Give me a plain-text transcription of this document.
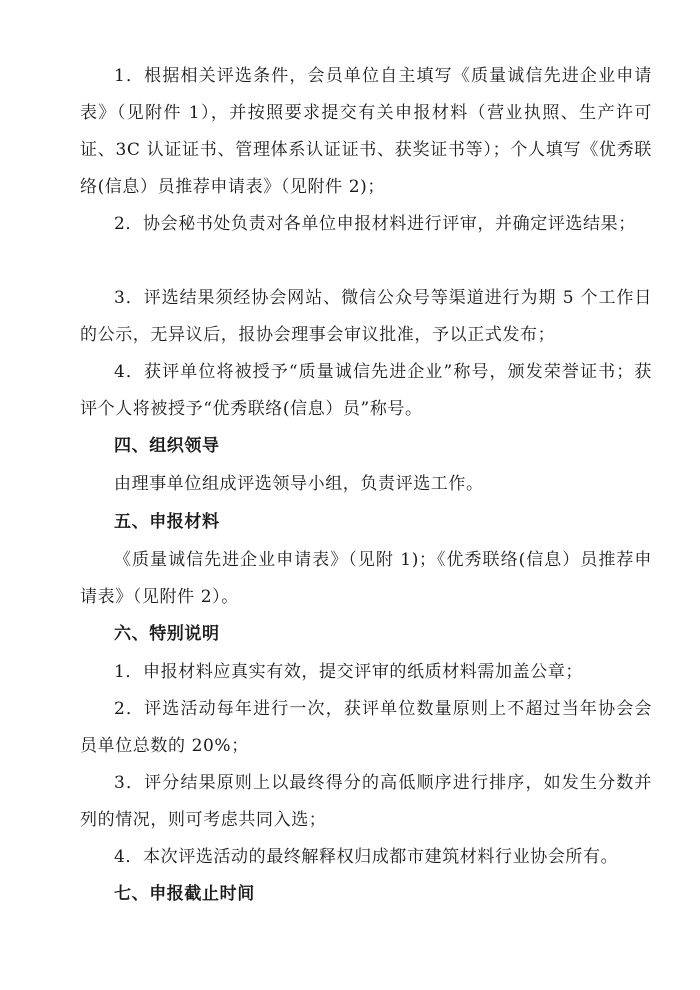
1．根据相关评选条件，会员单位自主填写《质量诚信先进企业申请表》（见附件 1），并按照要求提交有关申报材料（营业执照、生产许可证、3C 认证证书、管理体系认证证书、获奖证书等）；个人填写《优秀联络(信息）员推荐申请表》（见附件 2)；

2．协会秘书处负责对各单位申报材料进行评审，并确定评选结果；

3．评选结果须经协会网站、微信公众号等渠道进行为期 5 个工作日的公示，无异议后，报协会理事会审议批准，予以正式发布；

4．获评单位将被授予“质量诚信先进企业”称号，颁发荣誉证书；获评个人将被授予“优秀联络(信息）员”称号。

四、组织领导

由理事单位组成评选领导小组，负责评选工作。

五、申报材料

《质量诚信先进企业申请表》（见附 1)；《优秀联络(信息）员推荐申请表》（见附件 2）。

六、特别说明

1．申报材料应真实有效，提交评审的纸质材料需加盖公章；

2．评选活动每年进行一次，获评单位数量原则上不超过当年协会会员单位总数的 20%；

3．评分结果原则上以最终得分的高低顺序进行排序，如发生分数并列的情况，则可考虑共同入选；

4．本次评选活动的最终解释权归成都市建筑材料行业协会所有。

七、申报截止时间
